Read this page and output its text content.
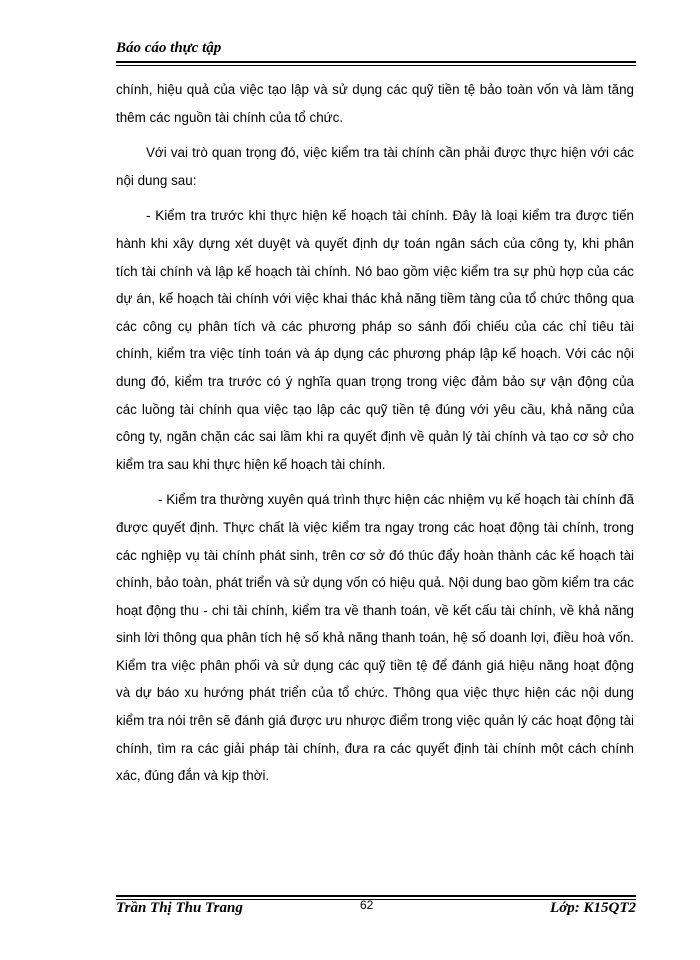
Báo cáo thực tập

chính, hiệu quả của việc tạo lập và sử dụng các quỹ tiền tệ bảo toàn vốn và làm tăng thêm các nguồn tài chính của tổ chức.

Với vai trò quan trọng đó, việc kiểm tra tài chính cần phải được thực hiện với các nội dung sau:

- Kiểm tra trước khi thực hiện kế hoạch tài chính. Đây là loại kiểm tra được tiến hành khi xây dựng xét duyệt và quyết định dự toán ngân sách của công ty, khi phân tích tài chính và lập kế hoạch tài chính. Nó bao gồm việc kiểm tra sự phù hợp của các dự án, kế hoạch tài chính với việc khai thác khả năng tiềm tàng của tổ chức thông qua các công cụ phân tích và các phương pháp so sánh đối chiếu của các chỉ tiêu tài chính, kiểm tra việc tính toán và áp dụng các phương pháp lập kế hoạch. Với các nội dung đó, kiểm tra trước có ý nghĩa quan trọng trong việc đảm bảo sự vận động của các luồng tài chính qua việc tạo lập các quỹ tiền tệ đúng với yêu cầu, khả năng của công ty, ngăn chặn các sai lầm khi ra quyết định về quản lý tài chính và tạo cơ sở cho kiểm tra sau khi thực hiện kế hoạch tài chính.

- Kiểm tra thường xuyên quá trình thực hiện các nhiệm vụ kế hoạch tài chính đã được quyết định. Thực chất là việc kiểm tra ngay trong các hoạt động tài chính, trong các nghiệp vụ tài chính phát sinh, trên cơ sở đó thúc đẩy hoàn thành các kế hoạch tài chính, bảo toàn, phát triển và sử dụng vốn có hiệu quả. Nội dung bao gồm kiểm tra các hoạt động thu - chi tài chính, kiểm tra về thanh toán, về kết cấu tài chính, về khả năng sinh lời thông qua phân tích hệ số khả năng thanh toán, hệ số doanh lợi, điều hoà vốn. Kiểm tra việc phân phối và sử dụng các quỹ tiền tệ để đánh giá hiệu năng hoạt động và dự báo xu hướng phát triển của tổ chức. Thông qua việc thực hiện các nội dung kiểm tra nói trên sẽ đánh giá được ưu nhược điểm trong việc quản lý các hoạt động tài chính, tìm ra các giải pháp tài chính, đưa ra các quyết định tài chính một cách chính xác, đúng đắn và kịp thời.

Trần Thị Thu Trang	62	Lớp: K15QT2
